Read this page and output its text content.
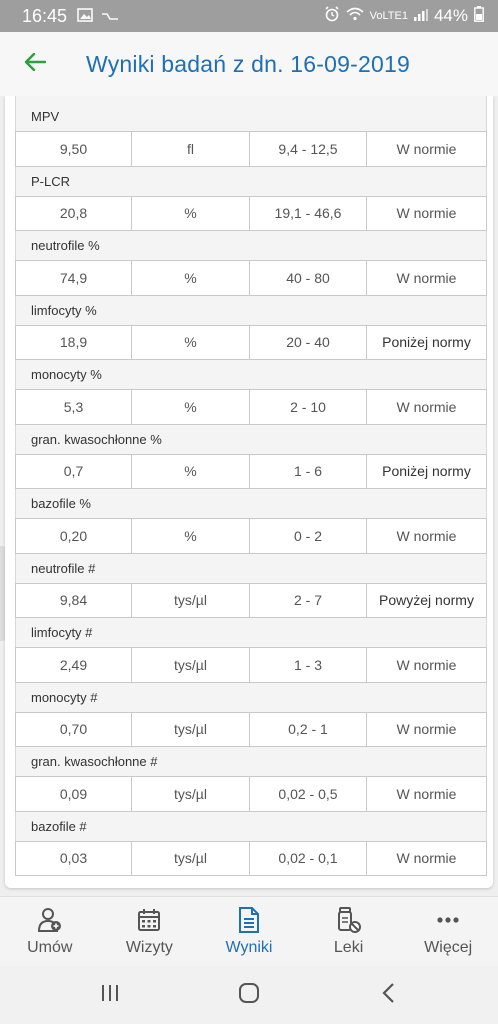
16:45	VoLTE1 44%
Wyniki badań z dn. 16-09-2019
MPV
9,50	fl	9,4 - 12,5	W normie
P-LCR
20,8	%	19,1 - 46,6	W normie
neutrofile %
74,9	%	40 - 80	W normie
limfocyty %
18,9	%	20 - 40	Poniżej normy
monocyty %
5,3	%	2 - 10	W normie
gran. kwasochłonne %
0,7	%	1 - 6	Poniżej normy
bazofile %
0,20	%	0 - 2	W normie
neutrofile #
9,84	tys/µl	2 - 7	Powyżej normy
limfocyty #
2,49	tys/µl	1 - 3	W normie
monocyty #
0,70	tys/µl	0,2 - 1	W normie
gran. kwasochłonne #
0,09	tys/µl	0,02 - 0,5	W normie
bazofile #
0,03	tys/µl	0,02 - 0,1	W normie
Umów	Wizyty	Wyniki	Leki	Więcej
